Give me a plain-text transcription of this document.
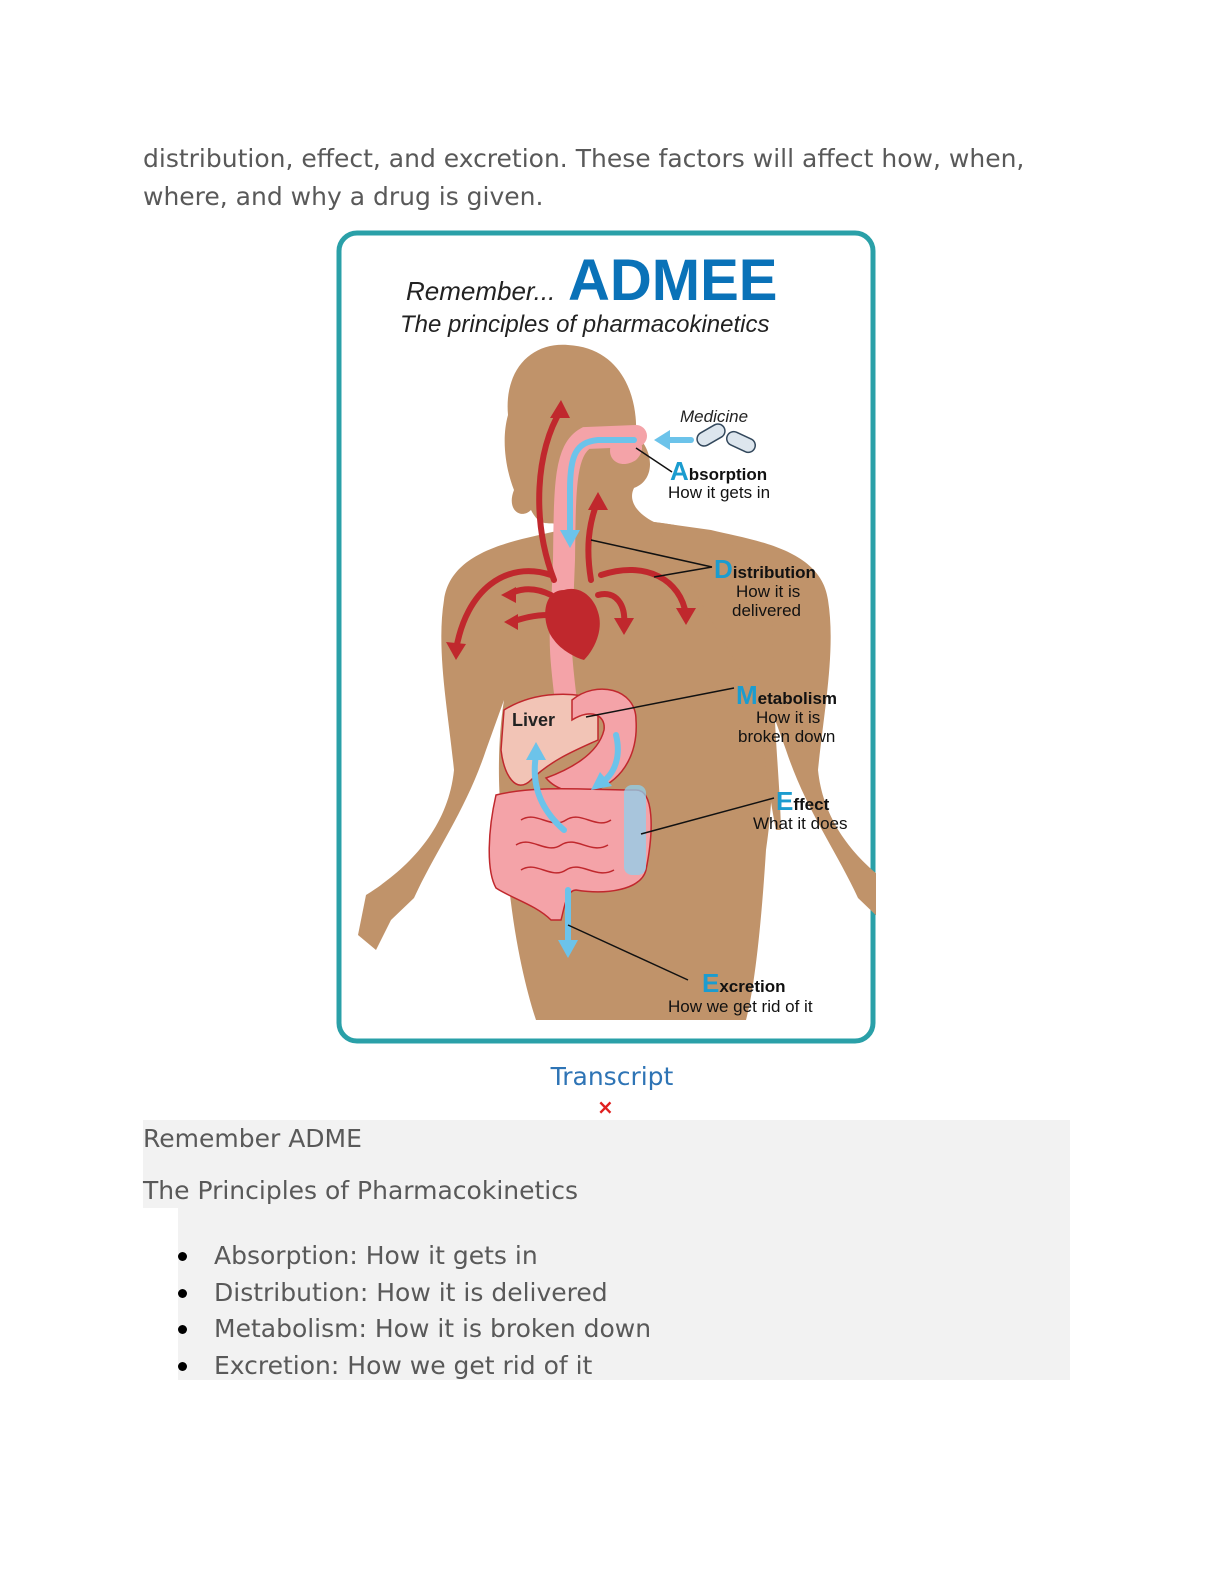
distribution, effect, and excretion. These factors will affect how, when, where, and why a drug is given.

Remember... ADMEE
The principles of pharmacokinetics
Liver
Medicine
Absorption
How it gets in
Distribution
How it is
delivered
Metabolism
How it is
broken down
Effect
What it does
Excretion
How we get rid of it
Transcript
×
Remember ADME
The Principles of Pharmacokinetics
Absorption: How it gets in
Distribution: How it is delivered
Metabolism: How it is broken down
Excretion: How we get rid of it
